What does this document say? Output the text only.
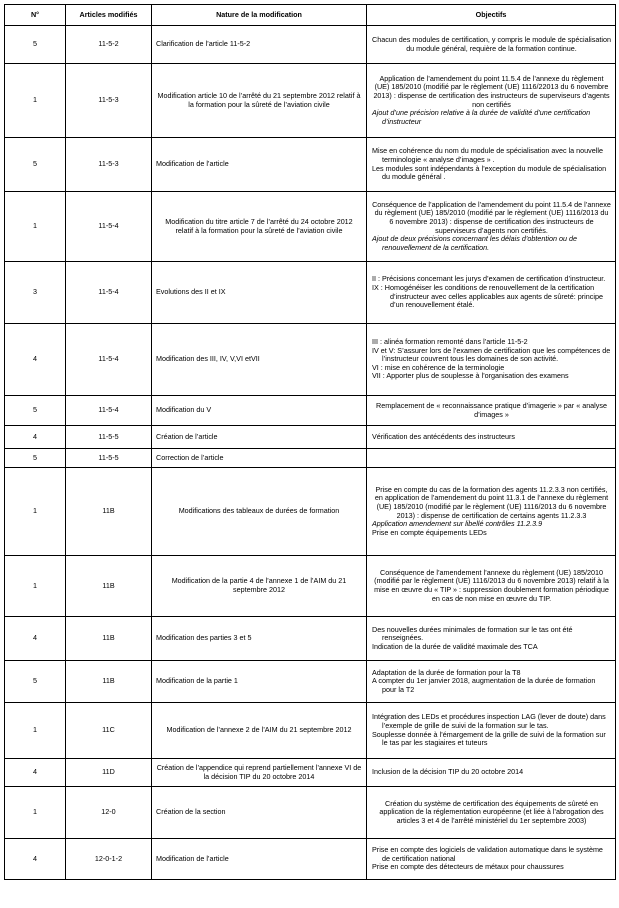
N°	Articles modifiés	Nature de la modification	Objectifs
5	11-5-2	Clarification de l’article 11-5-2	Chacun des modules de certification, y compris le module de spécialisation du module général, requière de la formation continue.

1	11-5-3	Modification article 10 de l’arrêté du 21 septembre 2012 relatif à la formation pour la sûreté de l’aviation civile	Application de l’amendement du point 11.5.4 de l’annexe du règlement (UE) 185/2010 (modifié par le règlement (UE) 1116/22013 du 6 novembre 2013) : dispense de certification des instructeurs de superviseurs d’agents non certifiés

Ajout d’une précision relative à la durée de validité d’une certification d’instructeur

5	11-5-3	Modification de l’article	Mise en cohérence du nom du module de spécialisation avec la nouvelle terminologie « analyse d’images » .

Les modules sont indépendants à l’exception du module de spécialisation du module général .

1	11-5-4	Modification du titre article 7 de l’arrêté du 24 octobre 2012 relatif à la formation pour la sûreté de l’aviation civile	Conséquence de l’application de l’amendement du point 11.5.4 de l’annexe du règlement (UE) 185/2010 (modifié par le règlement (UE) 1116/2013 du 6 novembre 2013) : dispense de certification des instructeurs de superviseurs d’agents non certifiés.

Ajout de deux précisions concernant les délais d’obtention ou de renouvellement de la certification.

3	11-5-4	Evolutions des II et IX	II : Précisions concernant les jurys d’examen de certification d’instructeur.

IX : Homogénéiser les conditions de renouvellement de la certification d’instructeur avec celles applicables aux agents de sûreté: principe d’un renouvellement étalé.

4	11-5-4	Modification des III, IV, V,VI etVII	III : alinéa formation remonté dans l’article 11-5-2

IV et V: S’assurer lors de l’examen de certification que les compétences de l’instructeur couvrent tous les domaines de son activité.

VI : mise en cohérence de la terminologie

VII : Apporter plus de souplesse à l’organisation des examens

5	11-5-4	Modification du V	Remplacement de « reconnaissance pratique d’imagerie » par « analyse d’images »

4	11-5-5	Création de l’article	Vérification des antécédents des instructeurs

5	11-5-5	Correction de l’article	
1	11B	Modifications des tableaux de durées de formation	Prise en compte du cas de la formation des agents 11.2.3.3 non certifiés, en application de l’amendement du point 11.3.1 de l’annexe du règlement (UE) 185/2010 (modifié par le règlement (UE) 1116/2013 du 6 novembre 2013) : dispense de certification de certains agents 11.2.3.3

Application amendement sur libellé contrôles 11.2.3.9

Prise en compte équipements LEDs

1	11B	Modification de la partie 4 de l’annexe 1 de l’AIM du 21 septembre 2012	Conséquence de l’amendement l’annexe du règlement (UE) 185/2010 (modifié par le règlement (UE) 1116/2013 du 6 novembre 2013) relatif à la mise en œuvre du « TIP » : suppression doublement formation périodique en cas de non mise en œuvre du TIP.

4	11B	Modification des parties 3 et 5	Des nouvelles durées minimales de formation sur le tas ont été renseignées.

Indication de la durée de validité maximale des TCA

5	11B	Modification de la partie 1	Adaptation de la durée de formation pour la T8

A compter du 1er janvier 2018, augmentation de la durée de formation pour la T2

1	11C	Modification de l’annexe 2 de l’AIM du 21 septembre 2012	Intégration des LEDs et procédures inspection LAG (lever de doute) dans l’exemple de grille de suivi de la formation sur le tas.

Souplesse donnée à l’émargement de la grille de suivi de la formation sur le tas par les stagiaires et tuteurs

4	11D	Création de l’appendice qui reprend partiellement l’annexe VI de la décision TIP du 20 octobre 2014	Inclusion de la décision TIP du 20 octobre 2014

1	12-0	Création de la section	Création du système de certification des équipements de sûreté en application de la réglementation européenne (et liée à l’abrogation des articles 3 et 4 de l’arrêté ministériel du 1er septembre 2003)

4	12-0-1-2	Modification de l’article	Prise en compte des logiciels de validation automatique dans le système de certification national

Prise en compte des détecteurs de métaux pour chaussures
